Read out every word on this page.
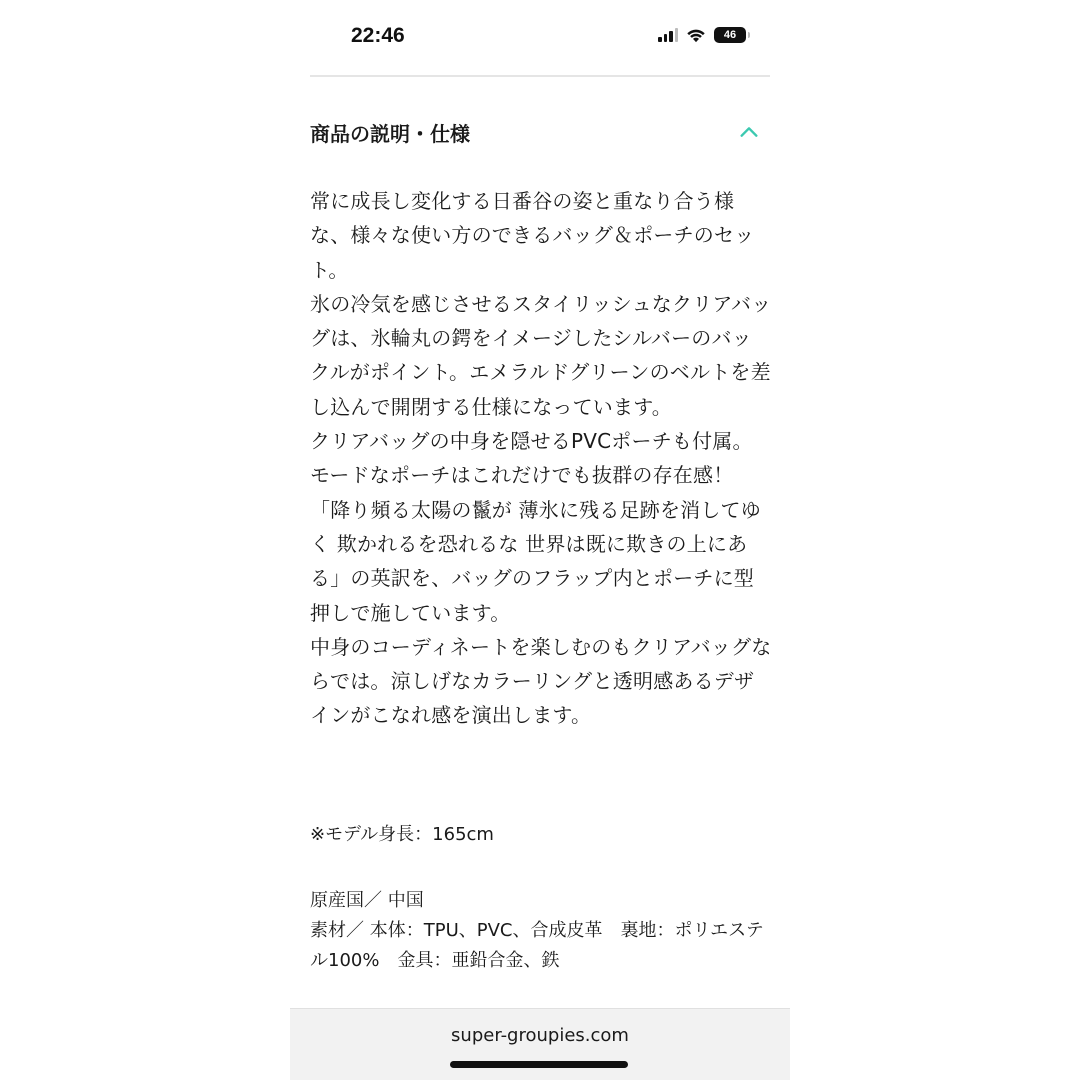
22:46	46
商品の説明・仕様

常に成長し変化する日番谷の姿と重なり合う様な、様々な使い方のできるバッグ＆ポーチのセット。

氷の冷気を感じさせるスタイリッシュなクリアバッグは、氷輪丸の鍔をイメージしたシルバーのバックルがポイント。エメラルドグリーンのベルトを差し込んで開閉する仕様になっています。

クリアバッグの中身を隠せるPVCポーチも付属。モードなポーチはこれだけでも抜群の存在感！

「降り頻る太陽の鬣が 薄氷に残る足跡を消してゆく 欺かれるを恐れるな 世界は既に欺きの上にある」の英訳を、バッグのフラップ内とポーチに型押しで施しています。

中身のコーディネートを楽しむのもクリアバッグならでは。涼しげなカラーリングと透明感あるデザインがこなれ感を演出します。

※モデル身長：165cm

原産国／ 中国

素材／ 本体：TPU、PVC、合成皮革　裏地：ポリエステル100%　金具：亜鉛合金、鉄

super-groupies.com
